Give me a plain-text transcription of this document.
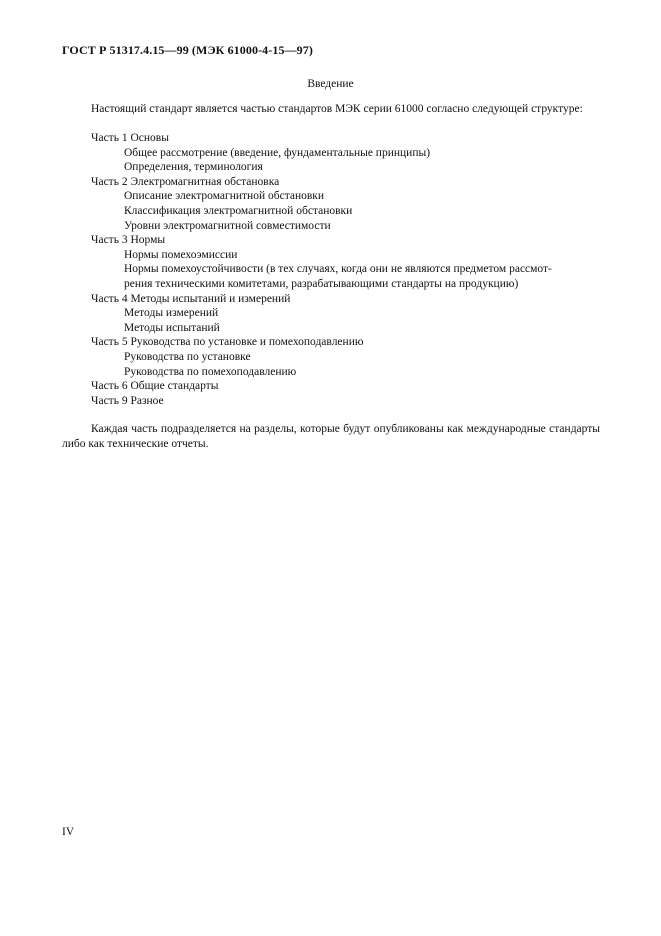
ГОСТ Р 51317.4.15—99 (МЭК 61000-4-15—97)
Введение

Настоящий стандарт является частью стандартов МЭК серии 61000 согласно следующей структуре:

Часть 1 Основы
Общее рассмотрение (введение, фундаментальные принципы)
Определения, терминология
Часть 2 Электромагнитная обстановка
Описание электромагнитной обстановки
Классификация электромагнитной обстановки
Уровни электромагнитной совместимости
Часть 3 Нормы
Нормы помехоэмиссии
Нормы помехоустойчивости (в тех случаях, когда они не являются предметом рассмот-
рения техническими комитетами, разрабатывающими стандарты на продукцию)
Часть 4 Методы испытаний и измерений
Методы измерений
Методы испытаний
Часть 5 Руководства по установке и помехоподавлению
Руководства по установке
Руководства по помехоподавлению
Часть 6 Общие стандарты
Часть 9 Разное

Каждая часть подразделяется на разделы, которые будут опубликованы как международные стандарты либо как технические отчеты.

IV
